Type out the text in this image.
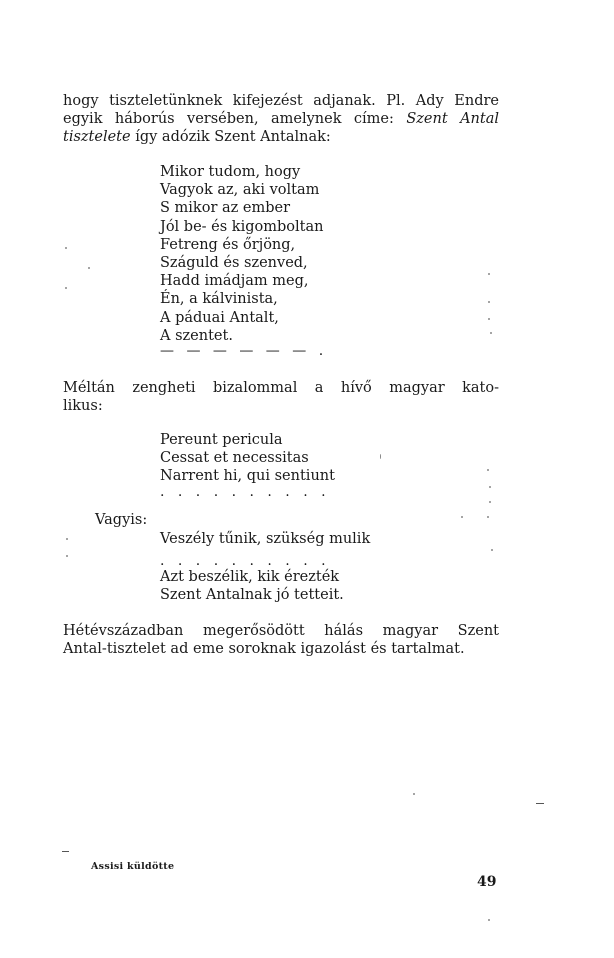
hogy tiszteletünknek kifejezést adjanak. Pl. Ady Endre
egyik háborús versében, amelynek címe: Szent Antal
tisztelete így adózik Szent Antalnak:

Mikor tudom, hogy
Vagyok az, aki voltam
S mikor az ember
Jól be- és kigomboltan
Fetreng és őrjöng,
Száguld és szenved,
Hadd imádjam meg,
Én, a kálvinista,
A páduai Antalt,
A szentet.
— — — — — — .

Méltán zengheti bizalommal a hívő magyar kato-
likus:

Pereunt pericula
Cessat et necessitas
Narrent hi, qui sentiunt
. . . . . . . . . .
Vagyis:
Veszély tűnik, szükség mulik
. . . . . . . . . .
Azt beszélik, kik érezték
Szent Antalnak jó tetteit.

Hétévszázadban megerősödött hálás magyar Szent
Antal-tisztelet ad eme soroknak igazolást és tartalmat.

Assisi küldötte
49
